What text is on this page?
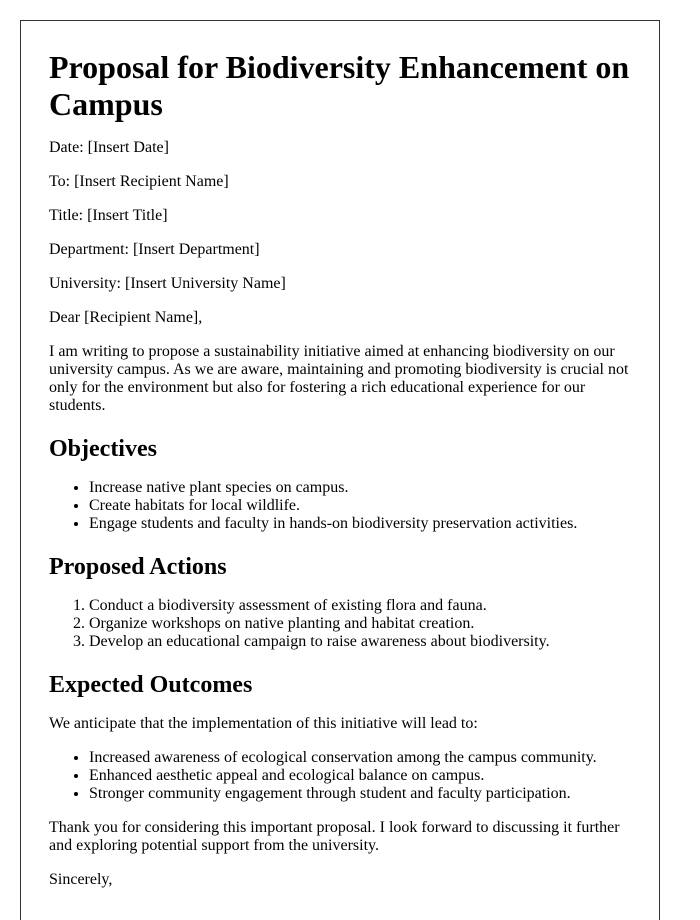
Proposal for Biodiversity Enhancement on Campus

Date: [Insert Date]

To: [Insert Recipient Name]

Title: [Insert Title]

Department: [Insert Department]

University: [Insert University Name]

Dear [Recipient Name],

I am writing to propose a sustainability initiative aimed at enhancing biodiversity on our university campus. As we are aware, maintaining and promoting biodiversity is crucial not only for the environment but also for fostering a rich educational experience for our students.

Objectives
• Increase native plant species on campus.
• Create habitats for local wildlife.
• Engage students and faculty in hands-on biodiversity preservation activities.
Proposed Actions
1. Conduct a biodiversity assessment of existing flora and fauna.
2. Organize workshops on native planting and habitat creation.
3. Develop an educational campaign to raise awareness about biodiversity.
Expected Outcomes

We anticipate that the implementation of this initiative will lead to:

• Increased awareness of ecological conservation among the campus community.
• Enhanced aesthetic appeal and ecological balance on campus.
• Stronger community engagement through student and faculty participation.

Thank you for considering this important proposal. I look forward to discussing it further and exploring potential support from the university.

Sincerely,
